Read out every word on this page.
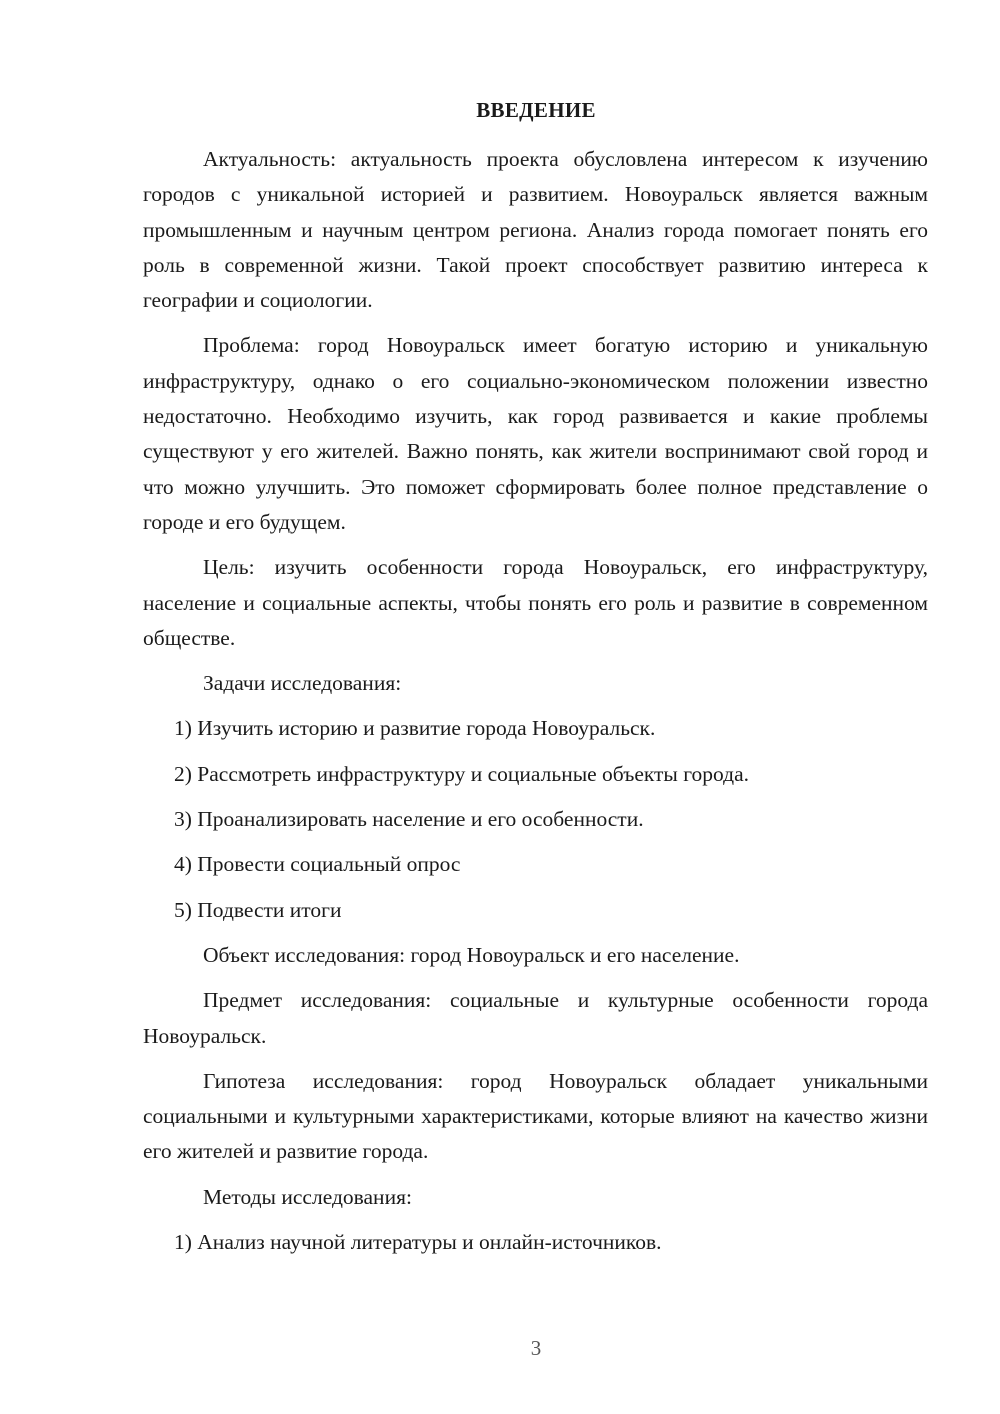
ВВЕДЕНИЕ

Актуальность: актуальность проекта обусловлена интересом к изучению городов с уникальной историей и развитием. Новоуральск является важным промышленным и научным центром региона. Анализ города помогает понять его роль в современной жизни. Такой проект способствует развитию интереса к географии и социологии.

Проблема: город Новоуральск имеет богатую историю и уникальную инфраструктуру, однако о его социально-экономическом положении известно недостаточно. Необходимо изучить, как город развивается и какие проблемы существуют у его жителей. Важно понять, как жители воспринимают свой город и что можно улучшить. Это поможет сформировать более полное представление о городе и его будущем.

Цель: изучить особенности города Новоуральск, его инфраструктуру, население и социальные аспекты, чтобы понять его роль и развитие в современном обществе.

Задачи исследования:

1) Изучить историю и развитие города Новоуральск.

2) Рассмотреть инфраструктуру и социальные объекты города.

3) Проанализировать население и его особенности.

4) Провести социальный опрос

5) Подвести итоги

Объект исследования: город Новоуральск и его население.

Предмет исследования: социальные и культурные особенности города Новоуральск.

Гипотеза исследования: город Новоуральск обладает уникальными социальными и культурными характеристиками, которые влияют на качество жизни его жителей и развитие города.

Методы исследования:

1) Анализ научной литературы и онлайн-источников.

3
